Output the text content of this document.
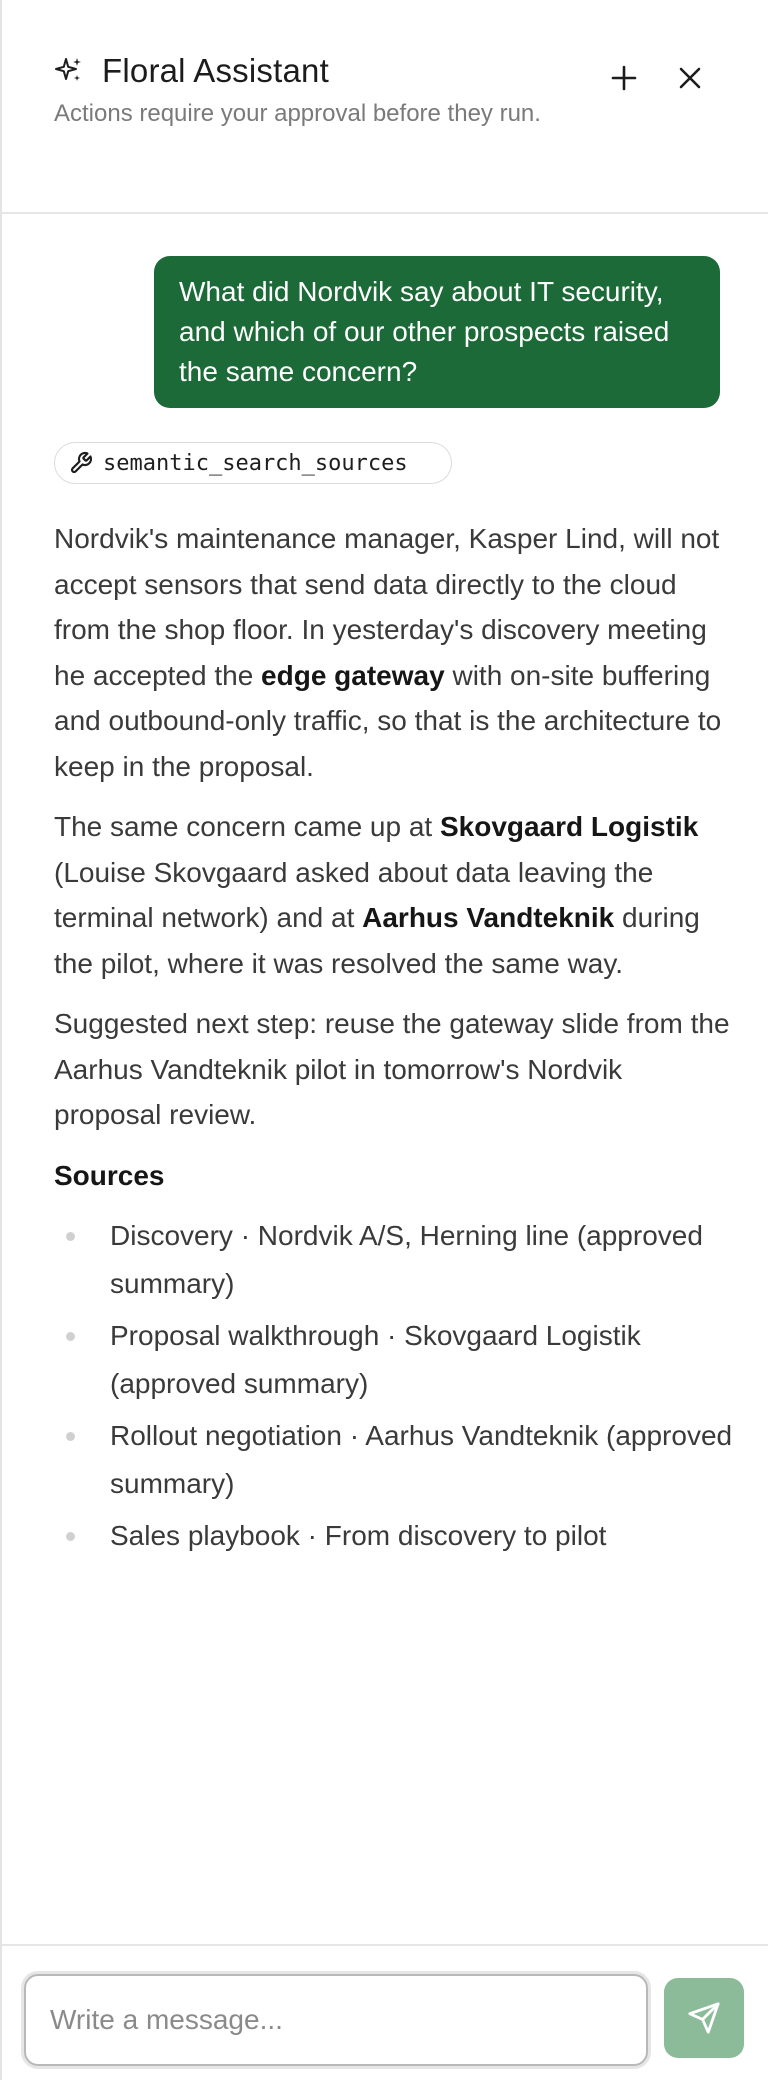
Floral Assistant
Actions require your approval before they run.
What did Nordvik say about IT security, and which of our other prospects raised the same concern?
semantic_search_sources

Nordvik's maintenance manager, Kasper Lind, will not accept sensors that send data directly to the cloud from the shop floor. In yesterday's discovery meeting he accepted the edge gateway with on-site buffering and outbound-only traffic, so that is the architecture to keep in the proposal.

The same concern came up at Skovgaard Logistik (Louise Skovgaard asked about data leaving the terminal network) and at Aarhus Vandteknik during the pilot, where it was resolved the same way.

Suggested next step: reuse the gateway slide from the Aarhus Vandteknik pilot in tomorrow's Nordvik proposal review.

Sources
Discovery · Nordvik A/S, Herning line (approved summary)
Proposal walkthrough · Skovgaard Logistik (approved summary)
Rollout negotiation · Aarhus Vandteknik (approved summary)
Sales playbook · From discovery to pilot
Write a message...
